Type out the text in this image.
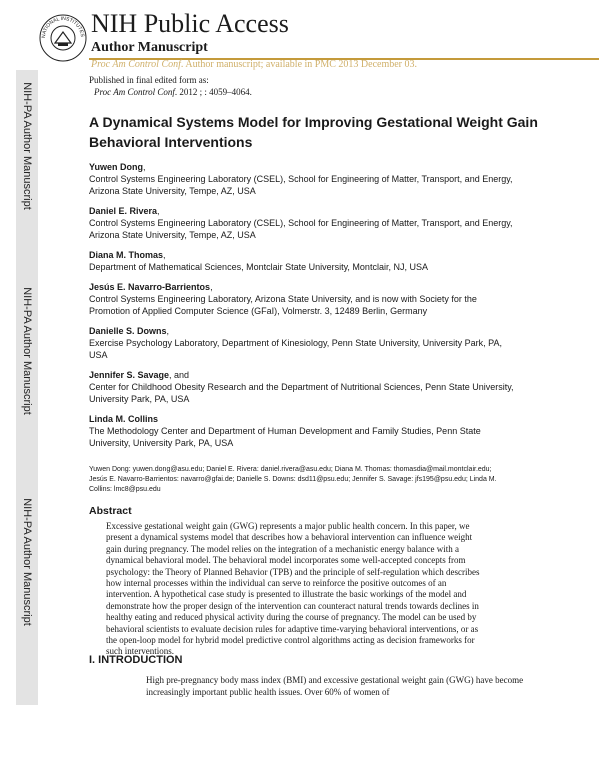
NIH-PA Author Manuscript
NIH-PA Author Manuscript
NIH-PA Author Manuscript
NATIONAL INSTITUTES NIH Public Access
Author Manuscript
Proc Am Control Conf. Author manuscript; available in PMC 2013 December 03.
Published in final edited form as:
Proc Am Control Conf. 2012 ; : 4059–4064.
A Dynamical Systems Model for Improving Gestational Weight Gain Behavioral Interventions
Yuwen Dong,
Control Systems Engineering Laboratory (CSEL), School for Engineering of Matter, Transport, and Energy, Arizona State University, Tempe, AZ, USA
Daniel E. Rivera,
Control Systems Engineering Laboratory (CSEL), School for Engineering of Matter, Transport, and Energy, Arizona State University, Tempe, AZ, USA
Diana M. Thomas,
Department of Mathematical Sciences, Montclair State University, Montclair, NJ, USA
Jesús E. Navarro-Barrientos,
Control Systems Engineering Laboratory, Arizona State University, and is now with Society for the Promotion of Applied Computer Science (GFaI), Volmerstr. 3, 12489 Berlin, Germany
Danielle S. Downs,
Exercise Psychology Laboratory, Department of Kinesiology, Penn State University, University Park, PA, USA
Jennifer S. Savage, and
Center for Childhood Obesity Research and the Department of Nutritional Sciences, Penn State University, University Park, PA, USA
Linda M. Collins
The Methodology Center and Department of Human Development and Family Studies, Penn State University, University Park, PA, USA
Yuwen Dong: yuwen.dong@asu.edu; Daniel E. Rivera: daniel.rivera@asu.edu; Diana M. Thomas: thomasdia@mail.montclair.edu; Jesús E. Navarro-Barrientos: navarro@gfai.de; Danielle S. Downs: dsd11@psu.edu; Jennifer S. Savage: jfs195@psu.edu; Linda M. Collins: lmc8@psu.edu
Abstract
Excessive gestational weight gain (GWG) represents a major public health concern. In this paper, we present a dynamical systems model that describes how a behavioral intervention can influence weight gain during pregnancy. The model relies on the integration of a mechanistic energy balance with a dynamical behavioral model. The behavioral model incorporates some well-accepted concepts from psychology: the Theory of Planned Behavior (TPB) and the principle of self-regulation which describes how internal processes within the individual can serve to reinforce the positive outcomes of an intervention. A hypothetical case study is presented to illustrate the basic workings of the model and demonstrate how the proper design of the intervention can counteract natural trends towards declines in healthy eating and reduced physical activity during the course of pregnancy. The model can be used by behavioral scientists to evaluate decision rules for adaptive time-varying behavioral interventions, or as the open-loop model for hybrid model predictive control algorithms acting as decision frameworks for such interventions.
I. INTRODUCTION
High pre-pregnancy body mass index (BMI) and excessive gestational weight gain (GWG) have become increasingly important public health issues. Over 60% of women of
